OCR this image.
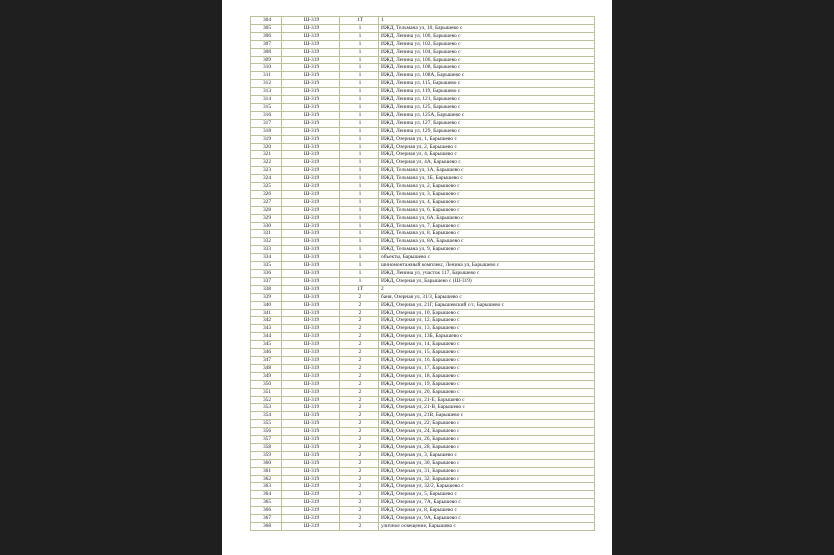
304	Ш-319	1Т	1
305	Ш-319	1	ИЖД, Тельмана ул, 10, Барышево с
306	Ш-319	1	ИЖД, Ленина ул, 100, Барышево с
307	Ш-319	1	ИЖД, Ленина ул, 102, Барышево с
308	Ш-319	1	ИЖД, Ленина ул, 104, Барышево с
309	Ш-319	1	ИЖД, Ленина ул, 106, Барышево с
310	Ш-319	1	ИЖД, Ленина ул, 108, Барышево с
311	Ш-319	1	ИЖД, Ленина ул, 108А, Барышево с
312	Ш-319	1	ИЖД, Ленина ул, 115, Барышево с
313	Ш-319	1	ИЖД, Ленина ул, 119, Барышево с
314	Ш-319	1	ИЖД, Ленина ул, 121, Барышево с
315	Ш-319	1	ИЖД, Ленина ул, 125, Барышево с
316	Ш-319	1	ИЖД, Ленина ул, 125А, Барышево с
317	Ш-319	1	ИЖД, Ленина ул, 127, Барышево с
318	Ш-319	1	ИЖД, Ленина ул, 129, Барышево с
319	Ш-319	1	ИЖД, Озерная ул, 1, Барышево с
320	Ш-319	1	ИЖД, Озерная ул, 2, Барышево с
321	Ш-319	1	ИЖД, Озерная ул, 4, Барышево с
322	Ш-319	1	ИЖД, Озерная ул, 4А, Барышево с
323	Ш-319	1	ИЖД, Тельмана ул, 1А, Барышево с
324	Ш-319	1	ИЖД, Тельмана ул, 1Б, Барышево с
325	Ш-319	1	ИЖД, Тельмана ул, 2, Барышево с
326	Ш-319	1	ИЖД, Тельмана ул, 3, Барышево с
327	Ш-319	1	ИЖД, Тельмана ул, 4, Барышево с
328	Ш-319	1	ИЖД, Тельмана ул, 6, Барышево с
329	Ш-319	1	ИЖД, Тельмана ул, 6А, Барышево с
330	Ш-319	1	ИЖД, Тельмана ул, 7, Барышево с
331	Ш-319	1	ИЖД, Тельмана ул, 8, Барышево с
332	Ш-319	1	ИЖД, Тельмана ул, 8А, Барышево с
333	Ш-319	1	ИЖД, Тельмана ул, 9, Барышево с
334	Ш-319	1	объекты, Барышево с
335	Ш-319	1	шиномонтажный комплекс, Ленина ул, Барышево с
336	Ш-319	1	ИЖД, Ленина ул, участок 117, Барышево с
337	Ш-319	1	ИЖД, Озерная ул, Барышево с (Ш-319)
338	Ш-319	1Т	2
339	Ш-319	2	баня, Озерная ул, 31/3, Барышево с
340	Ш-319	2	ИЖД, Озерная ул, 21Г, Барышевский с/с, Барышево с
341	Ш-319	2	ИЖД, Озерная ул, 10, Барышево с
342	Ш-319	2	ИЖД, Озерная ул, 12, Барышево с
343	Ш-319	2	ИЖД, Озерная ул, 13, Барышево с
344	Ш-319	2	ИЖД, Озерная ул, 13Б, Барышево с
345	Ш-319	2	ИЖД, Озерная ул, 14, Барышево с
346	Ш-319	2	ИЖД, Озерная ул, 15, Барышево с
347	Ш-319	2	ИЖД, Озерная ул, 16, Барышево с
348	Ш-319	2	ИЖД, Озерная ул, 17, Барышево с
349	Ш-319	2	ИЖД, Озерная ул, 18, Барышево с
350	Ш-319	2	ИЖД, Озерная ул, 19, Барышево с
351	Ш-319	2	ИЖД, Озерная ул, 20, Барышево с
352	Ш-319	2	ИЖД, Озерная ул, 21-Е, Барышево с
353	Ш-319	2	ИЖД, Озерная ул, 21-В, Барышево с
354	Ш-319	2	ИЖД, Озерная ул, 21В, Барышево с
355	Ш-319	2	ИЖД, Озерная ул, 22, Барышево с
356	Ш-319	2	ИЖД, Озерная ул, 24, Барышево с
357	Ш-319	2	ИЖД, Озерная ул, 26, Барышево с
358	Ш-319	2	ИЖД, Озерная ул, 28, Барышево с
359	Ш-319	2	ИЖД, Озерная ул, 3, Барышево с
360	Ш-319	2	ИЖД, Озерная ул, 30, Барышево с
361	Ш-319	2	ИЖД, Озерная ул, 31, Барышево с
362	Ш-319	2	ИЖД, Озерная ул, 32, Барышево с
363	Ш-319	2	ИЖД, Озерная ул, 32/2, Барышево с
364	Ш-319	2	ИЖД, Озерная ул, 5, Барышево с
365	Ш-319	2	ИЖД, Озерная ул, 7А, Барышево с
366	Ш-319	2	ИЖД, Озерная ул, 8, Барышево с
367	Ш-319	2	ИЖД, Озерная ул, 9А, Барышево с
368	Ш-319	2	уличное освещение, Барышево с
